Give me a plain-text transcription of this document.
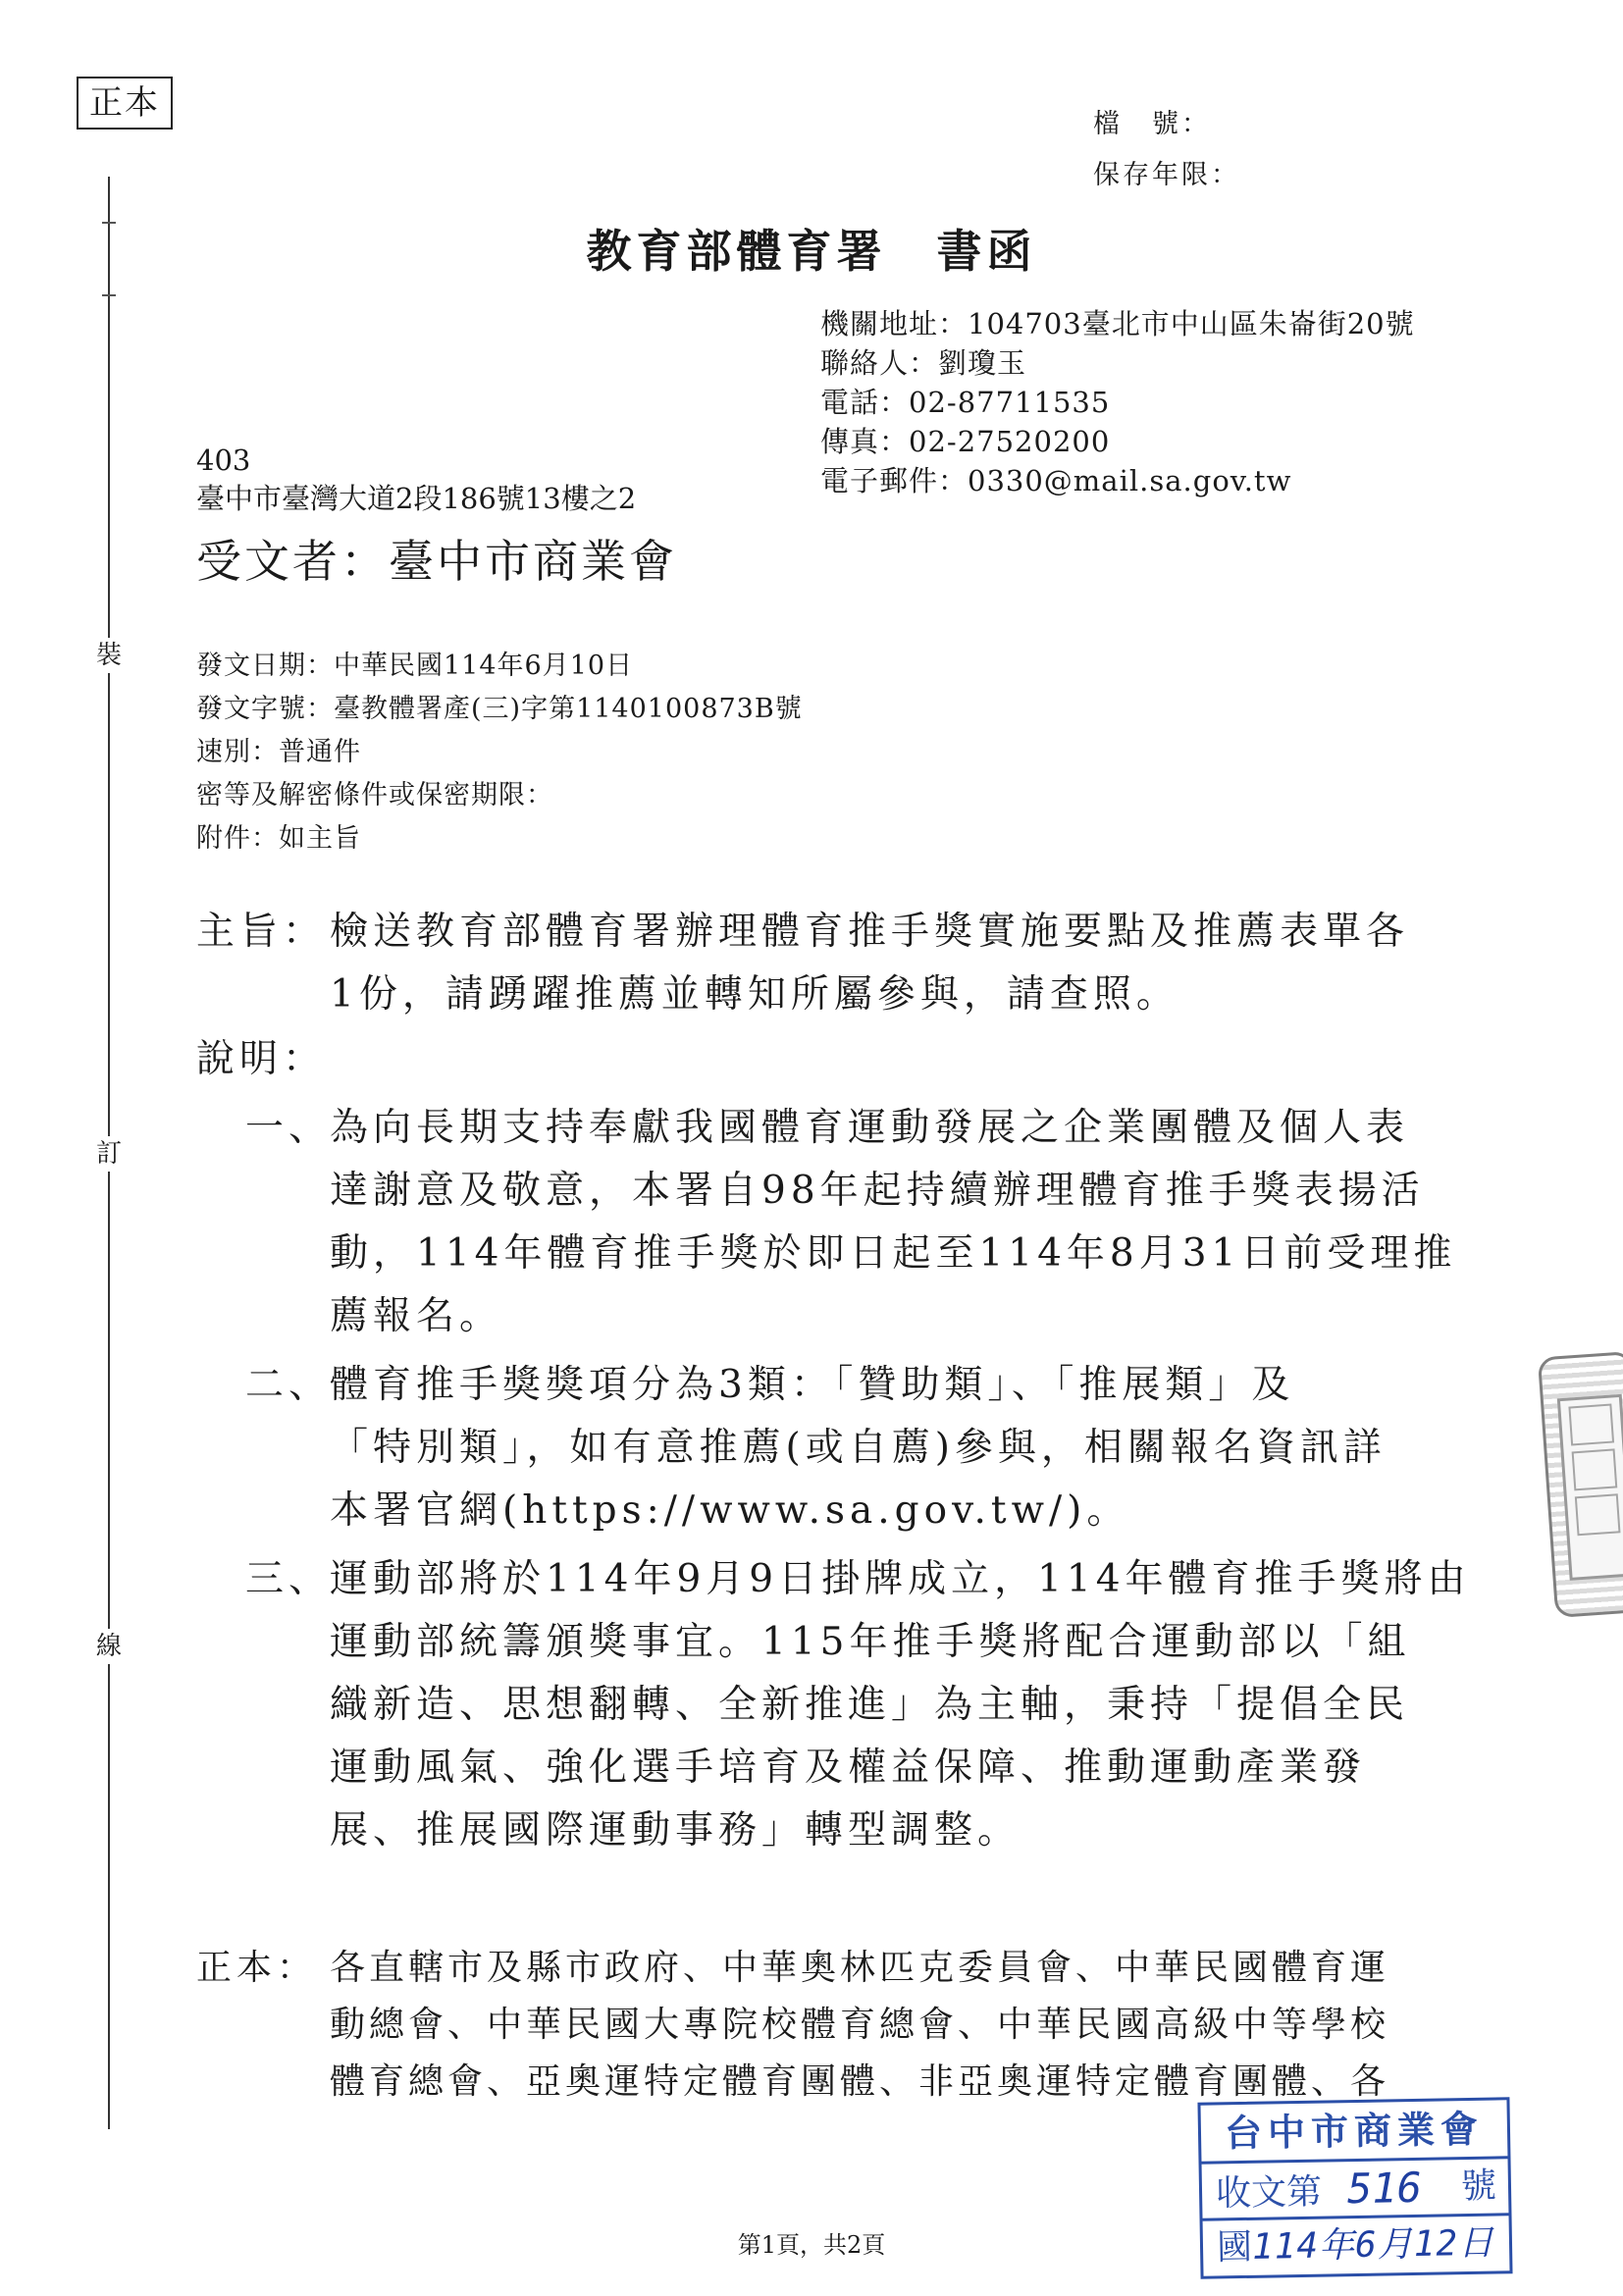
正本
檔　號：
保存年限：
教育部體育署　書函
機關地址：104703臺北市中山區朱崙街20號
聯絡人：劉瓊玉
電話：02-87711535
傳真：02-27520200
電子郵件：0330@mail.sa.gov.tw
403
臺中市臺灣大道2段186號13樓之2
受文者：臺中市商業會
發文日期：中華民國114年6月10日
發文字號：臺教體署產(三)字第1140100873B號
速別：普通件
密等及解密條件或保密期限：
附件：如主旨
主旨： 檢送教育部體育署辦理體育推手獎實施要點及推薦表單各
1份，請踴躍推薦並轉知所屬參與，請查照。
說明：
一、
為向長期支持奉獻我國體育運動發展之企業團體及個人表
達謝意及敬意，本署自98年起持續辦理體育推手獎表揚活
動，114年體育推手獎於即日起至114年8月31日前受理推
薦報名。
二、
體育推手獎獎項分為3類：「贊助類」、「推展類」及
「特別類」，如有意推薦(或自薦)參與，相關報名資訊詳
本署官網(https://www.sa.gov.tw/)。
三、
運動部將於114年9月9日掛牌成立，114年體育推手獎將由
運動部統籌頒獎事宜。115年推手獎將配合運動部以「組
織新造、思想翻轉、全新推進」為主軸，秉持「提倡全民
運動風氣、強化選手培育及權益保障、推動運動產業發
展、推展國際運動事務」轉型調整。
正本： 各直轄市及縣市政府、中華奧林匹克委員會、中華民國體育運
動總會、中華民國大專院校體育總會、中華民國高級中等學校
體育總會、亞奧運特定體育團體、非亞奧運特定體育團體、各
裝
訂
線
第1頁，共2頁
台中市商業會
收文第 516 號
國114年6月12日
